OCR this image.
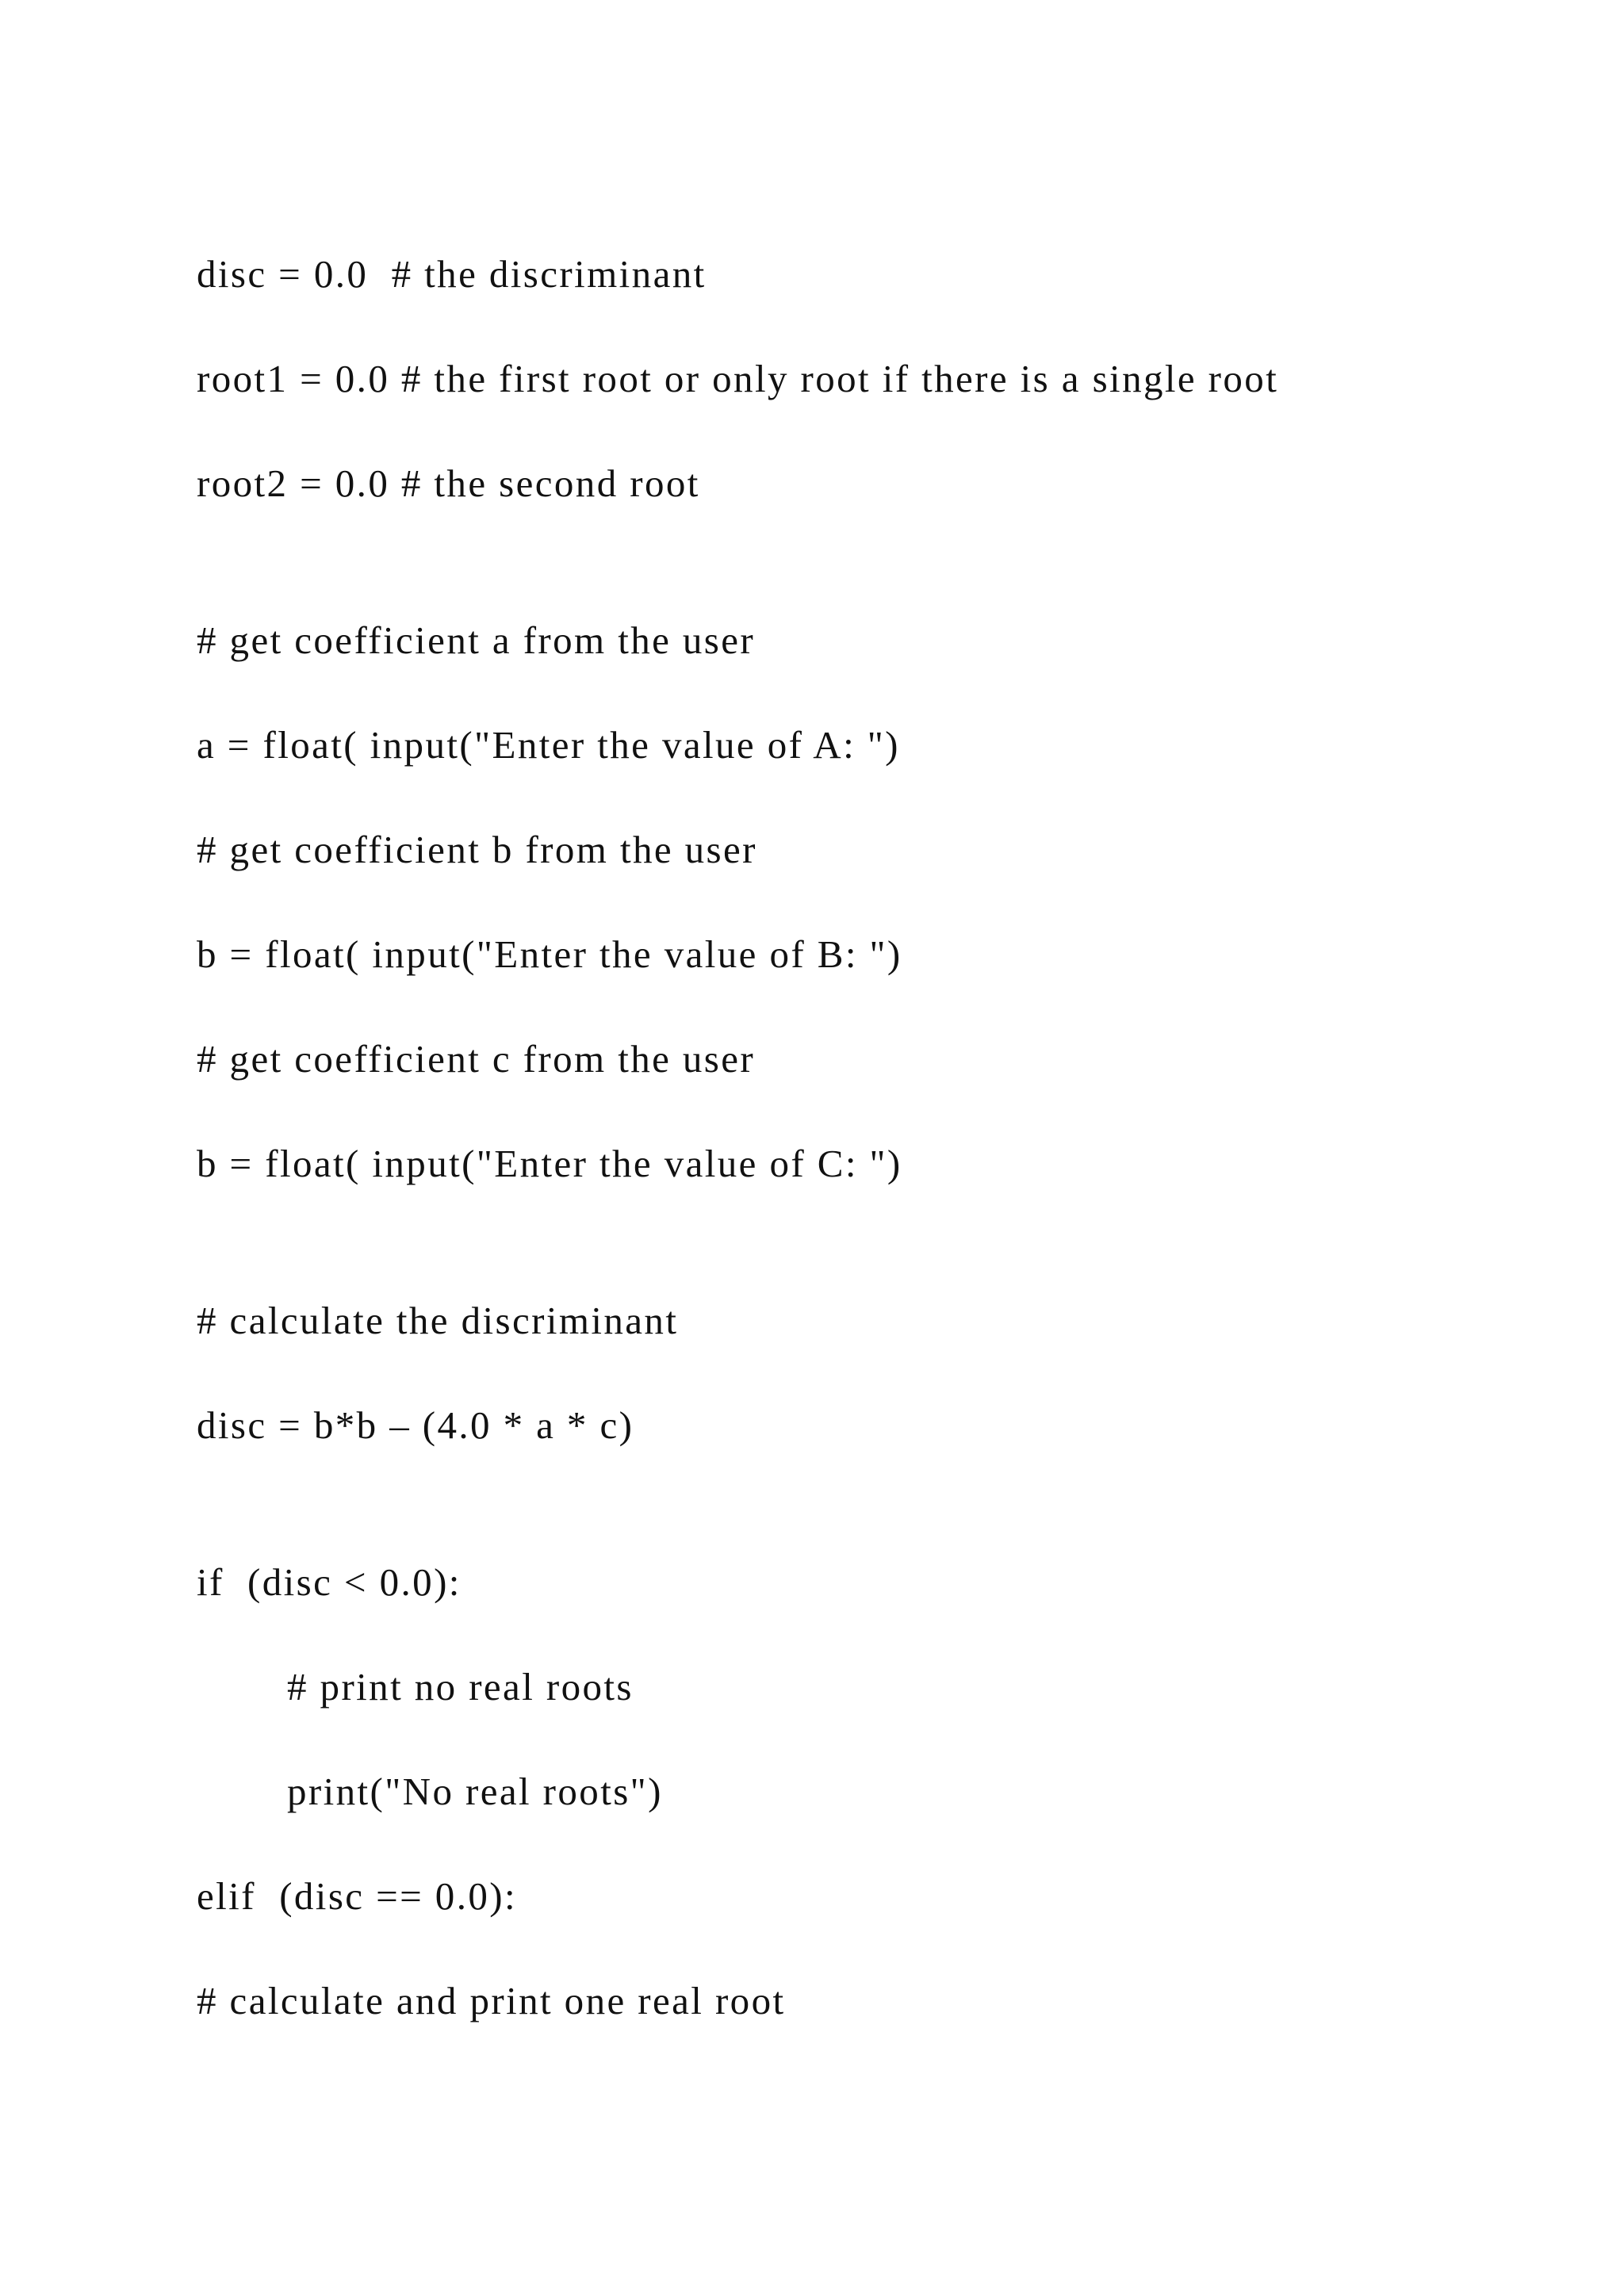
disc = 0.0  # the discriminant
root1 = 0.0 # the first root or only root if there is a single root
root2 = 0.0 # the second root
# get coefficient a from the user
a = float( input("Enter the value of A: ")
# get coefficient b from the user
b = float( input("Enter the value of B: ")
# get coefficient c from the user
b = float( input("Enter the value of C: ")
# calculate the discriminant
disc = b*b – (4.0 * a * c)
if  (disc < 0.0):
# print no real roots
print("No real roots")
elif  (disc == 0.0):
# calculate and print one real root
